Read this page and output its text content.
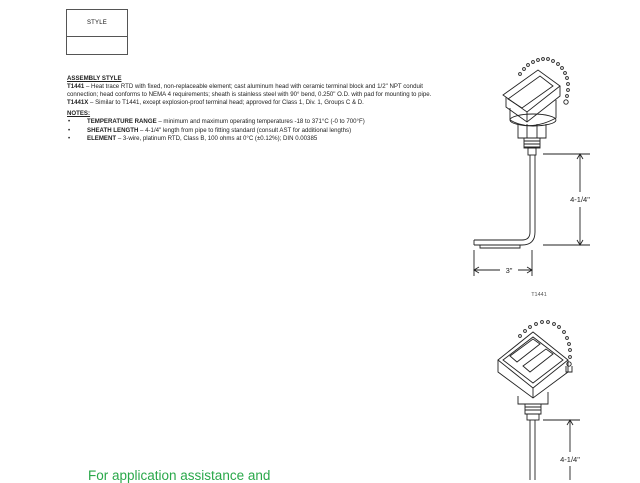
STYLE
ASSEMBLY STYLE
T1441 – Heat trace RTD with fixed, non-replaceable element; cast aluminum head with ceramic terminal block and 1/2" NPT conduit connection; head conforms to NEMA 4 requirements; sheath is stainless steel with 90° bend, 0.250" O.D. with pad for mounting to pipe.
T1441X – Similar to T1441, except explosion-proof terminal head; approved for Class 1, Div. 1, Groups C & D.
NOTES:
•	TEMPERATURE RANGE – minimum and maximum operating temperatures -18 to 371°C (-0 to 700°F)
•	SHEATH LENGTH – 4-1/4" length from pipe to fitting standard (consult AST for additional lengths)
•	ELEMENT – 3-wire, platinum RTD, Class B, 100 ohms at 0°C (±0.12%); DIN 0.00385
4-1/4"
3"
T1441
4-1/4"
For application assistance and
